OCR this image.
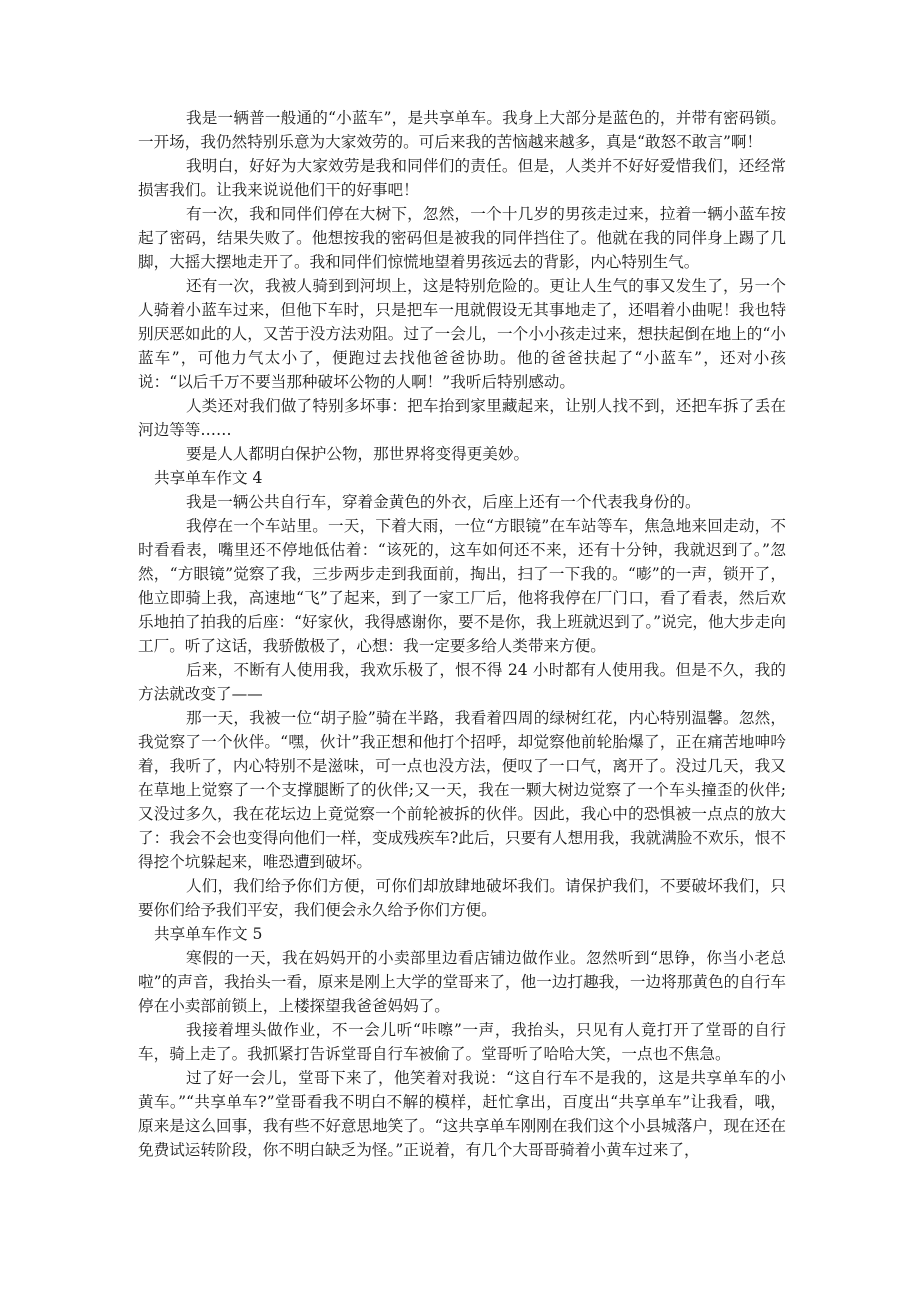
我是一辆普一般通的“小蓝车”，是共享单车。我身上大部分是蓝色的，并带有密码锁。一开场，我仍然特别乐意为大家效劳的。可后来我的苦恼越来越多，真是“敢怒不敢言”啊！

我明白，好好为大家效劳是我和同伴们的责任。但是，人类并不好好爱惜我们，还经常损害我们。让我来说说他们干的好事吧！

有一次，我和同伴们停在大树下，忽然，一个十几岁的男孩走过来，拉着一辆小蓝车按起了密码，结果失败了。他想按我的密码但是被我的同伴挡住了。他就在我的同伴身上踢了几脚，大摇大摆地走开了。我和同伴们惊慌地望着男孩远去的背影，内心特别生气。

还有一次，我被人骑到到河坝上，这是特别危险的。更让人生气的事又发生了，另一个人骑着小蓝车过来，但他下车时，只是把车一甩就假设无其事地走了，还唱着小曲呢！我也特别厌恶如此的人，又苦于没方法劝阻。过了一会儿，一个小小孩走过来，想扶起倒在地上的“小蓝车”，可他力气太小了，便跑过去找他爸爸协助。他的爸爸扶起了“小蓝车”，还对小孩说：“以后千万不要当那种破坏公物的人啊！”我听后特别感动。

人类还对我们做了特别多坏事：把车抬到家里藏起来，让别人找不到，还把车拆了丢在河边等等……

要是人人都明白保护公物，那世界将变得更美妙。

共享单车作文 4

我是一辆公共自行车，穿着金黄色的外衣，后座上还有一个代表我身份的。

我停在一个车站里。一天，下着大雨，一位“方眼镜”在车站等车，焦急地来回走动，不时看看表，嘴里还不停地低估着：“该死的，这车如何还不来，还有十分钟，我就迟到了。”忽然，“方眼镜”觉察了我，三步两步走到我面前，掏出，扫了一下我的。“嘭”的一声，锁开了，他立即骑上我，高速地“飞”了起来，到了一家工厂后，他将我停在厂门口，看了看表，然后欢乐地拍了拍我的后座：“好家伙，我得感谢你，要不是你，我上班就迟到了。”说完，他大步走向工厂。听了这话，我骄傲极了，心想：我一定要多给人类带来方便。

后来，不断有人使用我，我欢乐极了，恨不得 24 小时都有人使用我。但是不久，我的方法就改变了——

那一天，我被一位“胡子脸”骑在半路，我看着四周的绿树红花，内心特别温馨。忽然，我觉察了一个伙伴。“嘿，伙计”我正想和他打个招呼，却觉察他前轮胎爆了，正在痛苦地呻吟着，我听了，内心特别不是滋味，可一点也没方法，便叹了一口气，离开了。没过几天，我又在草地上觉察了一个支撑腿断了的伙伴;又一天，我在一颗大树边觉察了一个车头撞歪的伙伴;又没过多久，我在花坛边上竟觉察一个前轮被拆的伙伴。因此，我心中的恐惧被一点点的放大了：我会不会也变得向他们一样，变成残疾车?此后，只要有人想用我，我就满脸不欢乐，恨不得挖个坑躲起来，唯恐遭到破坏。

人们，我们给予你们方便，可你们却放肆地破坏我们。请保护我们，不要破坏我们，只要你们给予我们平安，我们便会永久给予你们方便。

共享单车作文 5

寒假的一天，我在妈妈开的小卖部里边看店铺边做作业。忽然听到“思铮，你当小老总啦”的声音，我抬头一看，原来是刚上大学的堂哥来了，他一边打趣我，一边将那黄色的自行车停在小卖部前锁上，上楼探望我爸爸妈妈了。

我接着埋头做作业，不一会儿听“咔嚓”一声，我抬头，只见有人竟打开了堂哥的自行车，骑上走了。我抓紧打告诉堂哥自行车被偷了。堂哥听了哈哈大笑，一点也不焦急。

过了好一会儿，堂哥下来了，他笑着对我说：“这自行车不是我的，这是共享单车的小黄车。”“共享单车?”堂哥看我不明白不解的模样，赶忙拿出，百度出“共享单车”让我看，哦，原来是这么回事，我有些不好意思地笑了。“这共享单车刚刚在我们这个小县城落户，现在还在免费试运转阶段，你不明白缺乏为怪。”正说着，有几个大哥哥骑着小黄车过来了，
